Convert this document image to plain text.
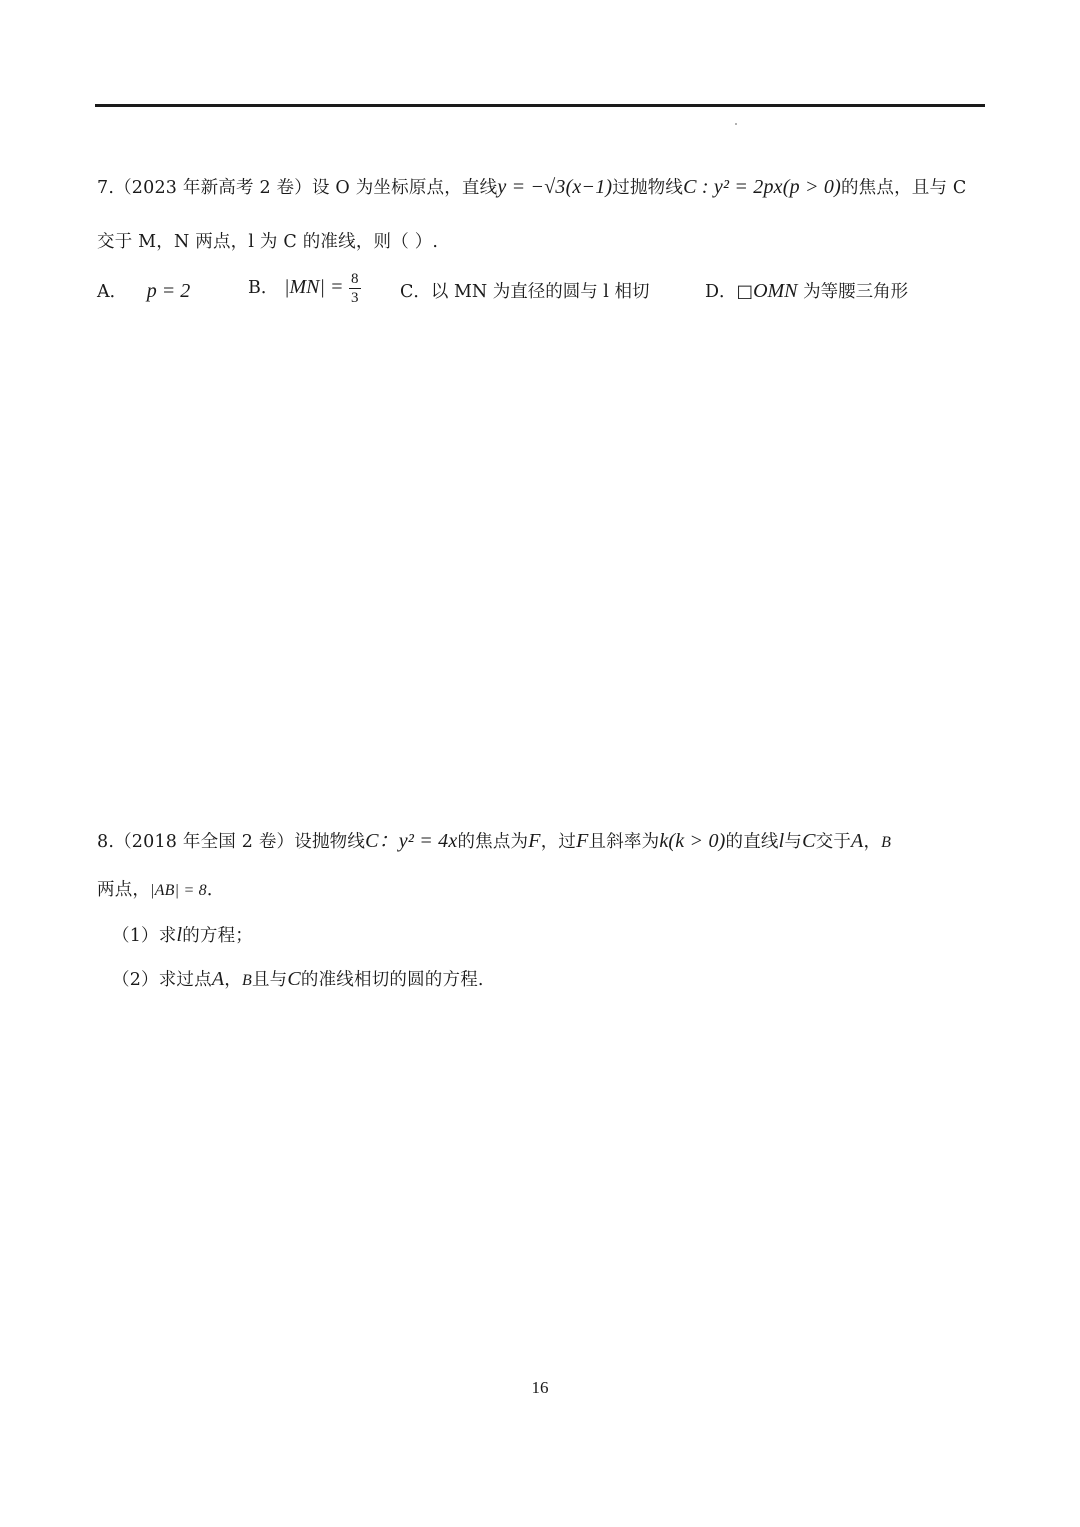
7.（2023 年新高考 2 卷）设 O 为坐标原点，直线y = −√3(x−1)过抛物线C : y² = 2px(p > 0)的焦点，且与 C
交于 M，N 两点，l 为 C 的准线，则（ ）.
A． p = 2	B． $|MN| = \frac{8}{3}$ C．以 MN 为直径的圆与 l 相切	D．□OMN 为等腰三角形
8.（2018 年全国 2 卷）设抛物线C：y² = 4x的焦点为F，过F且斜率为k(k > 0)的直线l与C交于A，B
两点，|AB| = 8．
（1）求l的方程；
（2）求过点A，B且与C的准线相切的圆的方程.
16
